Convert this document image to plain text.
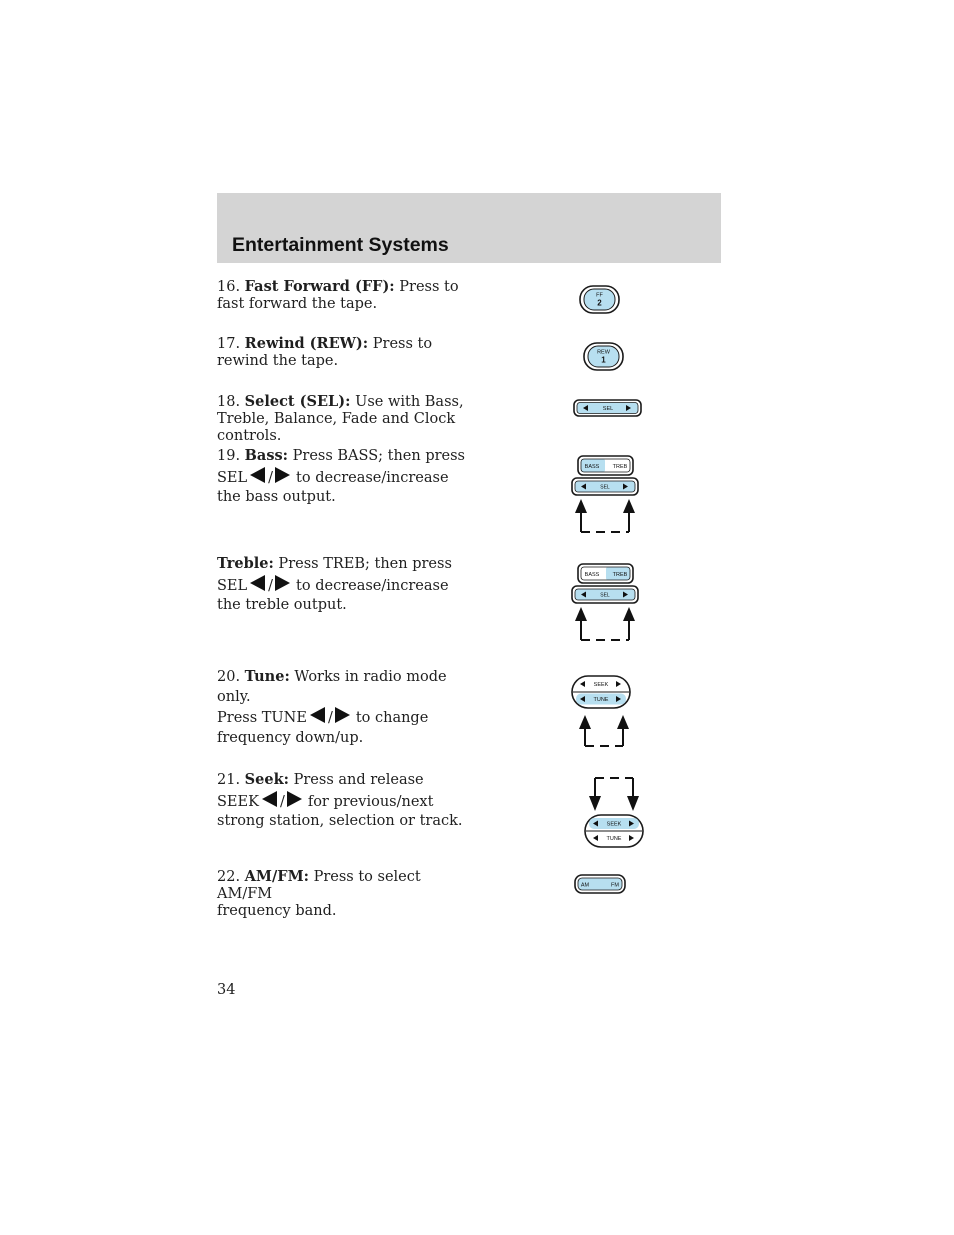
Entertainment Systems
16. Fast Forward (FF): Press to
fast forward the tape.
FF
2
17. Rewind (REW): Press to
rewind the tape.
REW
1
18. Select (SEL): Use with Bass,
Treble, Balance, Fade and Clock
controls.
SEL
19. Bass: Press BASS; then press
SEL / to decrease/increase
the bass output.
BASS TREB
SEL
Treble: Press TREB; then press
SEL / to decrease/increase
the treble output.
BASS TREB
SEL
20. Tune: Works in radio mode only.
Press TUNE / to change
frequency down/up.
SEEK
TUNE
21. Seek: Press and release
SEEK / for previous/next
strong station, selection or track.	SEEK
TUNE
22. AM/FM: Press to select AM/FM
frequency band.
AM	FM
34
